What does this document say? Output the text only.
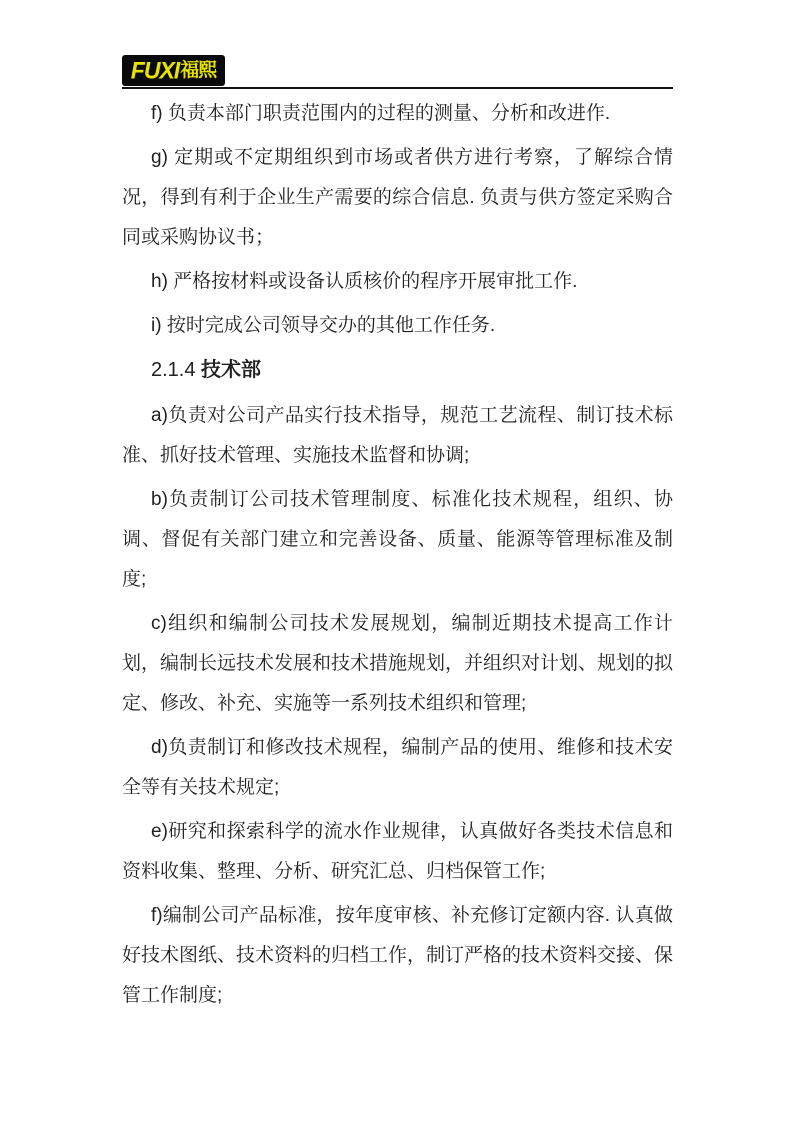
FUXI 福熙

f) 负责本部门职责范围内的过程的测量、分析和改进作.

g) 定期或不定期组织到市场或者供方进行考察，了解综合情况，得到有利于企业生产需要的综合信息. 负责与供方签定采购合同或采购协议书；

h) 严格按材料或设备认质核价的程序开展审批工作.

i) 按时完成公司领导交办的其他工作任务.

2.1.4 技术部

a)负责对公司产品实行技术指导，规范工艺流程、制订技术标准、抓好技术管理、实施技术监督和协调;

b)负责制订公司技术管理制度、标准化技术规程，组织、协调、督促有关部门建立和完善设备、质量、能源等管理标准及制度;

c)组织和编制公司技术发展规划，编制近期技术提高工作计划，编制长远技术发展和技术措施规划，并组织对计划、规划的拟定、修改、补充、实施等一系列技术组织和管理;

d)负责制订和修改技术规程，编制产品的使用、维修和技术安全等有关技术规定;

e)研究和探索科学的流水作业规律，认真做好各类技术信息和资料收集、整理、分析、研究汇总、归档保管工作;

f)编制公司产品标准，按年度审核、补充修订定额内容. 认真做好技术图纸、技术资料的归档工作，制订严格的技术资料交接、保管工作制度;
